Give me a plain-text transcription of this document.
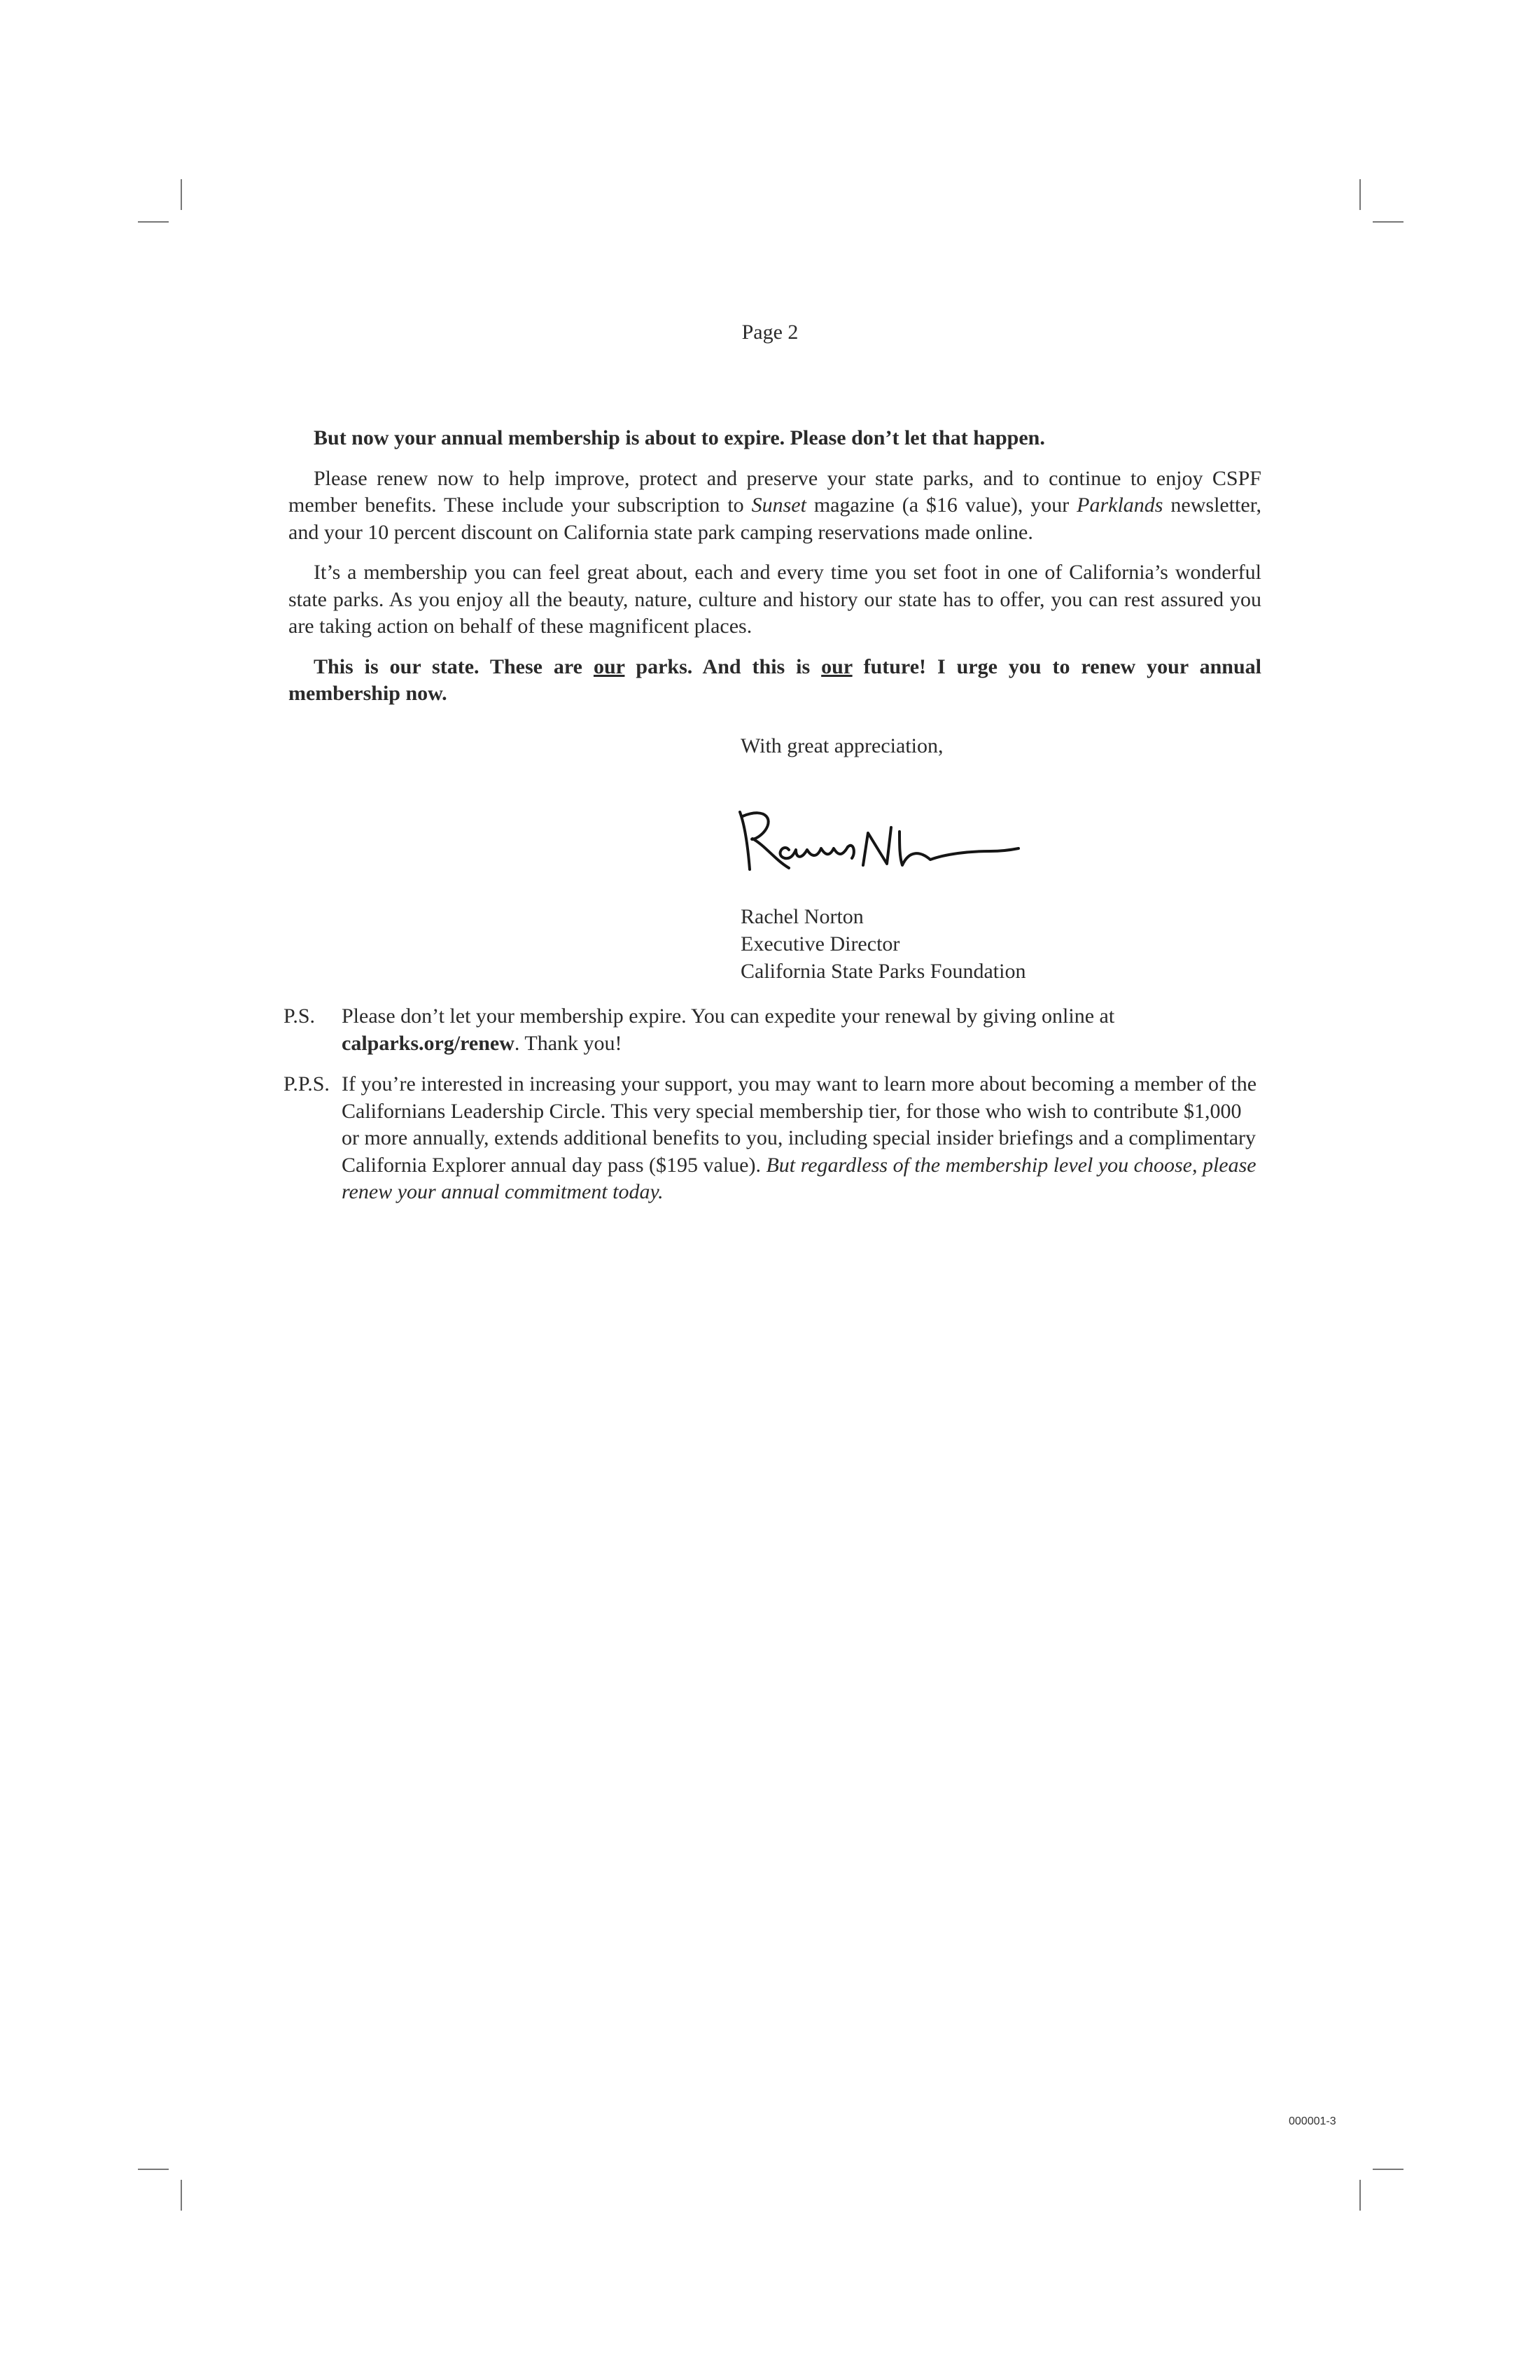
Page 2

But now your annual membership is about to expire. Please don’t let that happen.

Please renew now to help improve, protect and preserve your state parks, and to continue to enjoy CSPF member benefits. These include your subscription to Sunset magazine (a $16 value), your Parklands newsletter, and your 10 percent discount on California state park camping reservations made online.

It’s a membership you can feel great about, each and every time you set foot in one of California’s wonderful state parks. As you enjoy all the beauty, nature, culture and history our state has to offer, you can rest assured you are taking action on behalf of these magnificent places.

This is our state. These are our parks. And this is our future! I urge you to renew your annual membership now.

With great appreciation,
Rachel Norton
Executive Director
California State Parks Foundation
P.S. Please don’t let your membership expire. You can expedite your renewal by giving online at calparks.org/renew. Thank you!
P.P.S. If you’re interested in increasing your support, you may want to learn more about becoming a member of the Californians Leadership Circle. This very special membership tier, for those who wish to contribute $1,000 or more annually, extends additional benefits to you, including special insider briefings and a complimentary California Explorer annual day pass ($195 value). But regardless of the membership level you choose, please renew your annual commitment today.
000001-3
